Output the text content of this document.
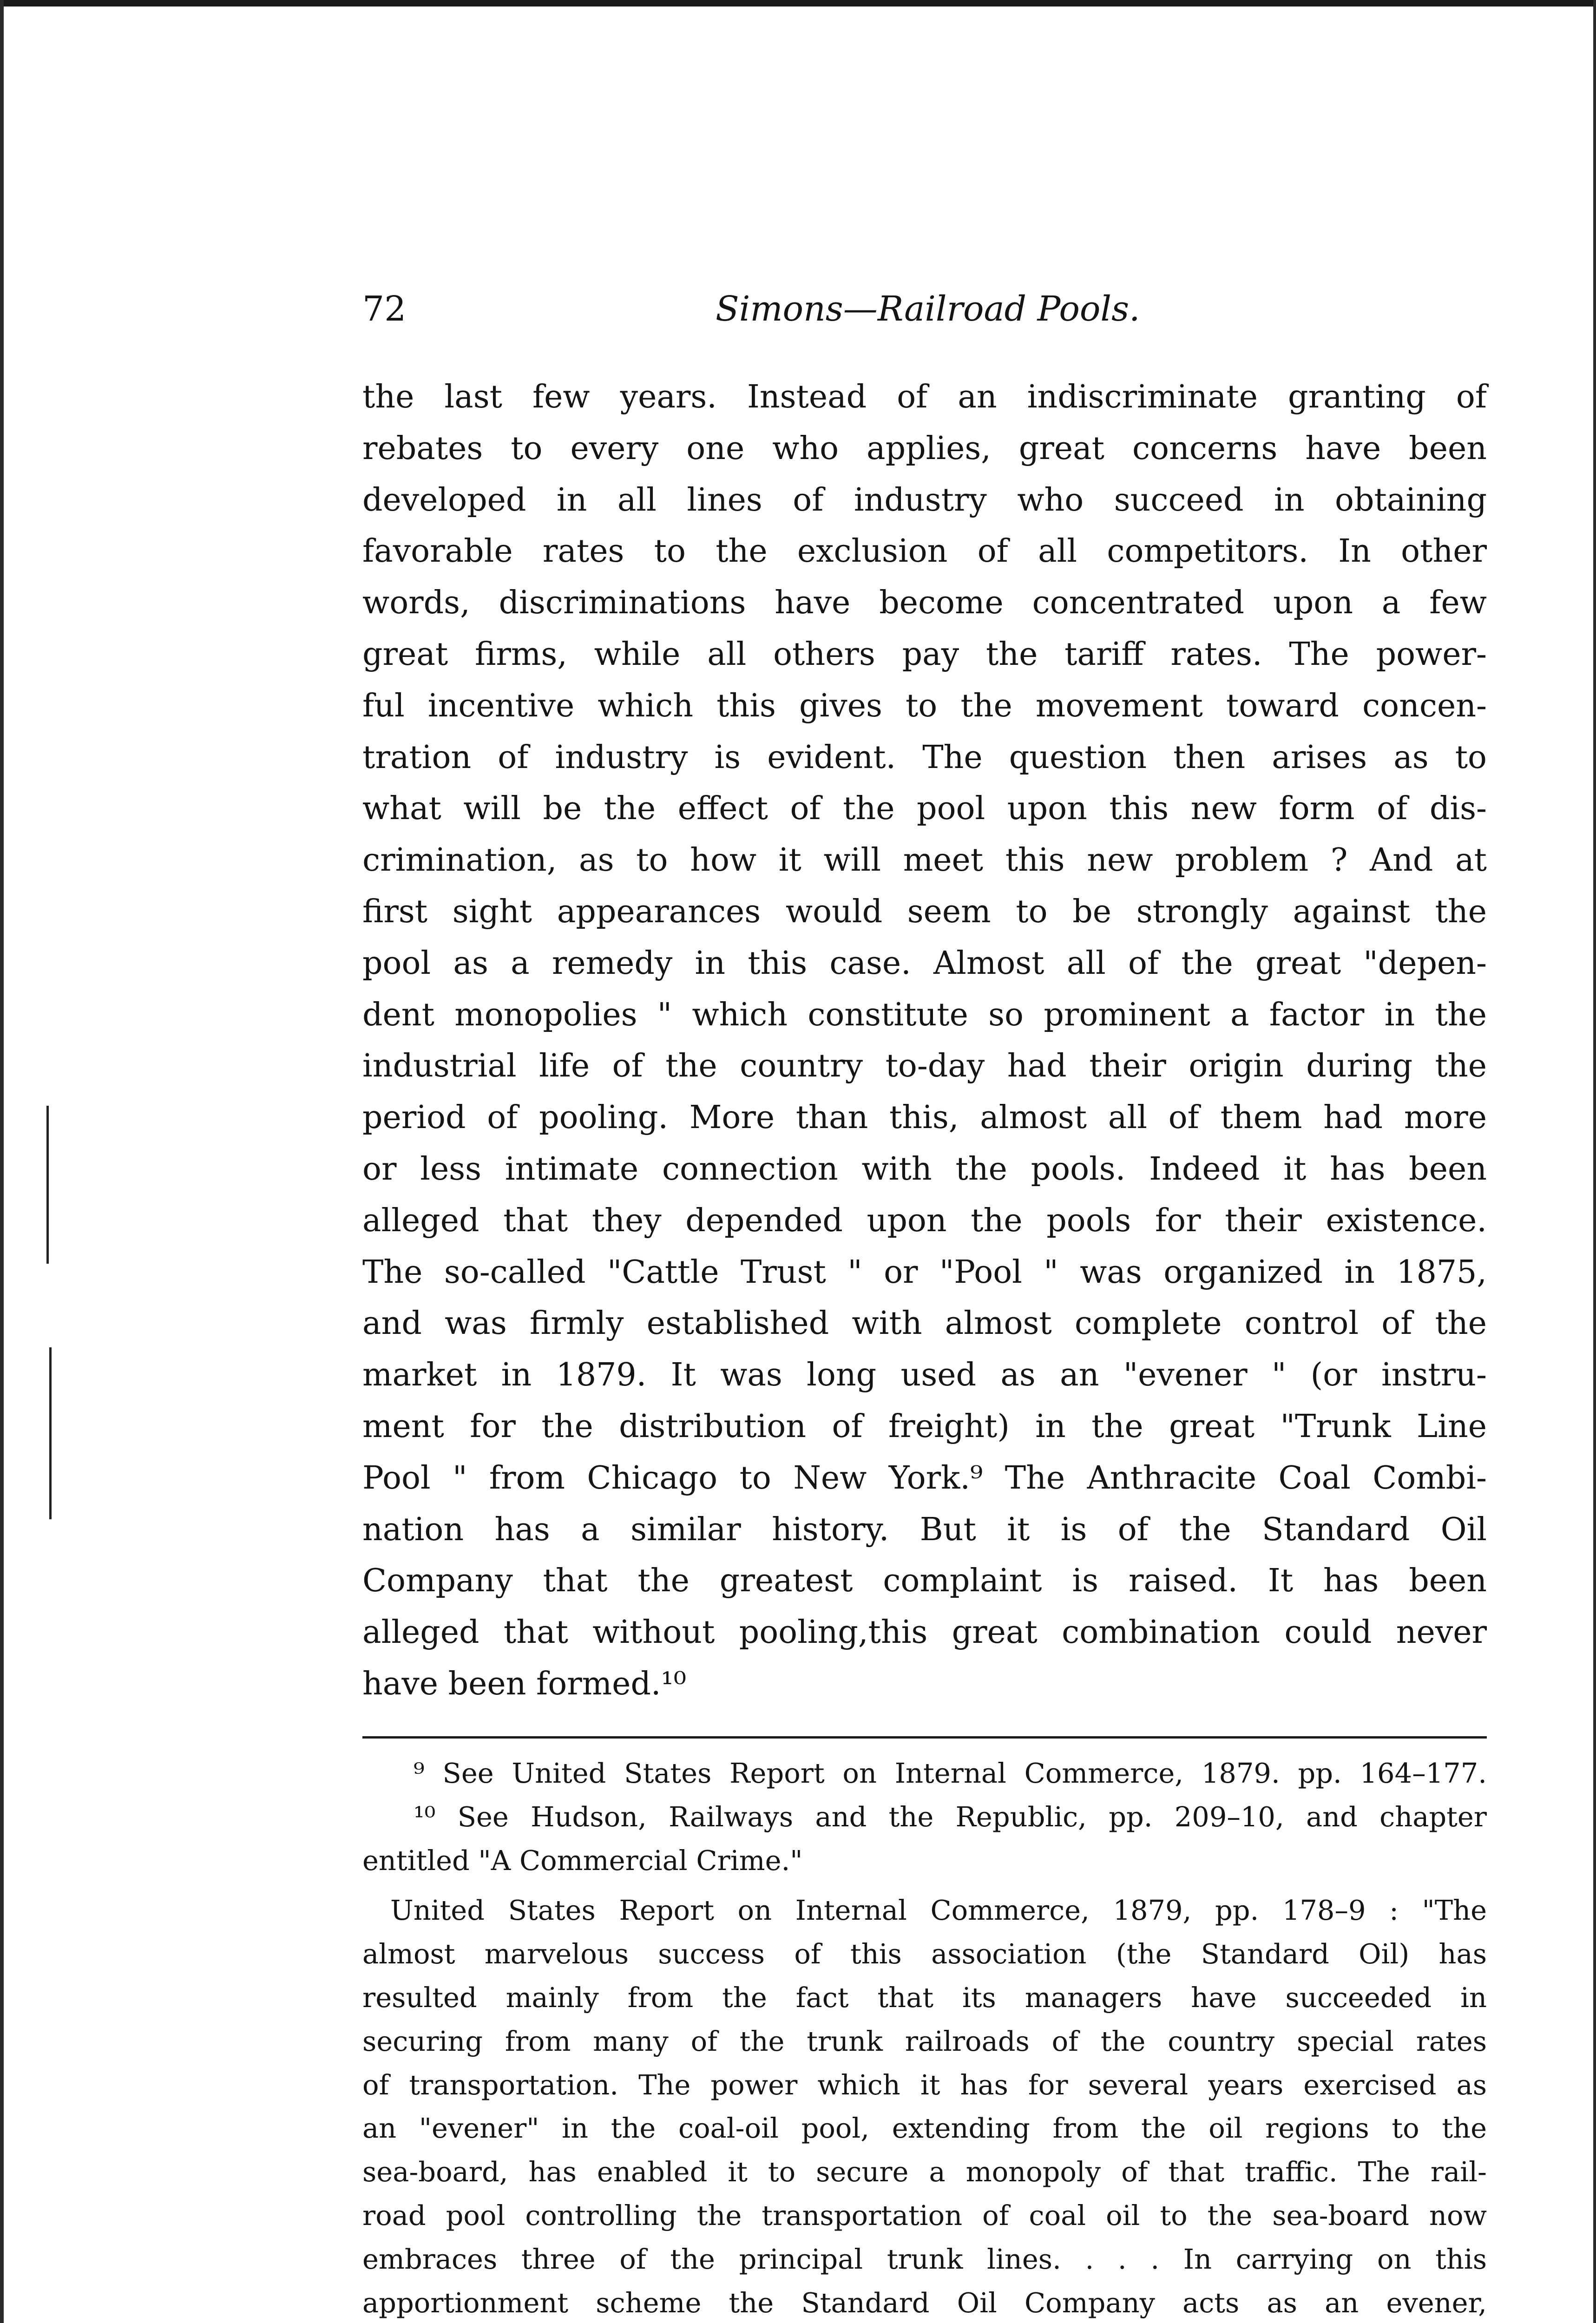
72	Simons—Railroad Pools.
the last few years. Instead of an indiscriminate granting of
rebates to every one who applies, great concerns have been
developed in all lines of industry who succeed in obtaining
favorable rates to the exclusion of all competitors. In other
words, discriminations have become concentrated upon a few
great firms, while all others pay the tariff rates. The power-
ful incentive which this gives to the movement toward concen-
tration of industry is evident. The question then arises as to
what will be the effect of the pool upon this new form of dis-
crimination, as to how it will meet this new problem ? And at
first sight appearances would seem to be strongly against the
pool as a remedy in this case. Almost all of the great "depen-
dent monopolies " which constitute so prominent a factor in the
industrial life of the country to-day had their origin during the
period of pooling. More than this, almost all of them had more
or less intimate connection with the pools. Indeed it has been
alleged that they depended upon the pools for their existence.
The so-called "Cattle Trust " or "Pool " was organized in 1875,
and was firmly established with almost complete control of the
market in 1879. It was long used as an "evener " (or instru-
ment for the distribution of freight) in the great "Trunk Line
Pool " from Chicago to New York.⁹ The Anthracite Coal Combi-
nation has a similar history. But it is of the Standard Oil
Company that the greatest complaint is raised. It has been
alleged that without pooling,this great combination could never
have been formed.¹⁰
⁹ See United States Report on Internal Commerce, 1879. pp. 164–177.
¹⁰ See Hudson, Railways and the Republic, pp. 209–10, and chapter
entitled "A Commercial Crime."
United States Report on Internal Commerce, 1879, pp. 178–9 : "The
almost marvelous success of this association (the Standard Oil) has
resulted mainly from the fact that its managers have succeeded in
securing from many of the trunk railroads of the country special rates
of transportation. The power which it has for several years exercised as
an "evener" in the coal-oil pool, extending from the oil regions to the
sea-board, has enabled it to secure a monopoly of that traffic. The rail-
road pool controlling the transportation of coal oil to the sea-board now
embraces three of the principal trunk lines. . . . In carrying on this
apportionment scheme the Standard Oil Company acts as an evener,
